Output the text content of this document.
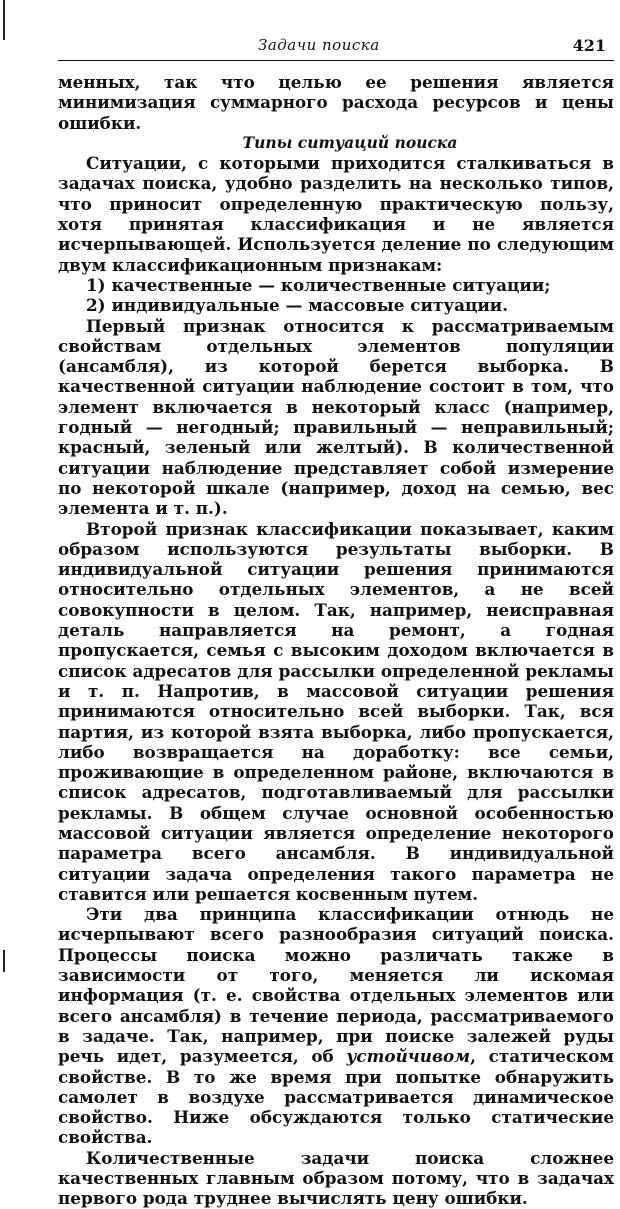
Задачи поиска	421

менных, так что целью ее решения является минимизация суммарного расхода ресурсов и цены ошибки.

Типы ситуаций поиска

Ситуации, с которыми приходится сталкиваться в задачах поиска, удобно разделить на несколько типов, что приносит определенную практическую пользу, хотя принятая классификация и не является исчерпывающей. Используется деление по следующим двум классификационным признакам:

1) качественные — количественные ситуации;

2) индивидуальные — массовые ситуации.

Первый признак относится к рассматриваемым свойствам отдельных элементов популяции (ансамбля), из которой берется выборка. В качественной ситуации наблюдение состоит в том, что элемент включается в некоторый класс (например, годный — негодный; правильный — неправильный; красный, зеленый или желтый). В количественной ситуации наблюдение представляет собой измерение по некоторой шкале (например, доход на семью, вес элемента и т. п.).

Второй признак классификации показывает, каким образом используются результаты выборки. В индивидуальной ситуации решения принимаются относительно отдельных элементов, а не всей совокупности в целом. Так, например, неисправная деталь направляется на ремонт, а годная пропускается, семья с высоким доходом включается в список адресатов для рассылки определенной рекламы и т. п. Напротив, в массовой ситуации решения принимаются относительно всей выборки. Так, вся партия, из которой взята выборка, либо пропускается, либо возвращается на доработку: все семьи, проживающие в определенном районе, включаются в список адресатов, подготавливаемый для рассылки рекламы. В общем случае основной особенностью массовой ситуации является определение некоторого параметра всего ансамбля. В индивидуальной ситуации задача определения такого параметра не ставится или решается косвенным путем.

Эти два принципа классификации отнюдь не исчерпывают всего разнообразия ситуаций поиска. Процессы поиска можно различать также в зависимости от того, меняется ли искомая информация (т. е. свойства отдельных элементов или всего ансамбля) в течение периода, рассматриваемого в задаче. Так, например, при поиске залежей руды речь идет, разумеется, об устойчивом, статическом свойстве. В то же время при попытке обнаружить самолет в воздухе рассматривается динамическое свойство. Ниже обсуждаются только статические свойства.

Количественные задачи поиска сложнее качественных главным образом потому, что в задачах первого рода труднее вычислять цену ошибки.
